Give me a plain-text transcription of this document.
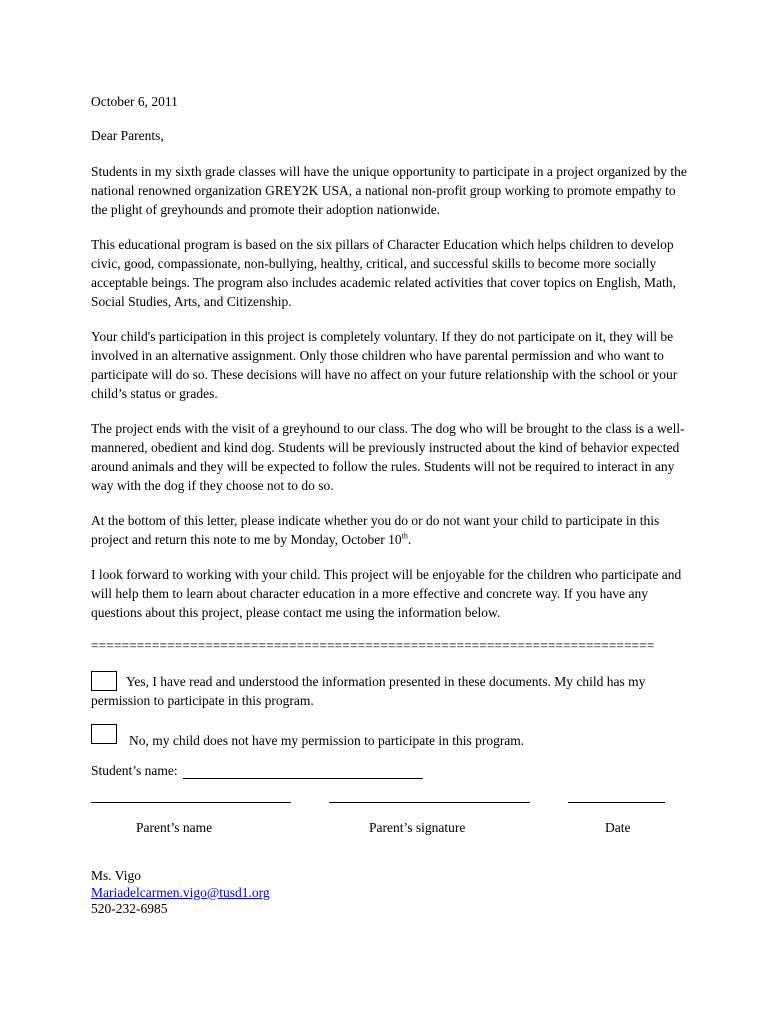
October 6, 2011

Dear Parents,

Students in my sixth grade classes will have the unique opportunity to participate in a project organized by the national renowned organization GREY2K USA, a national non-profit group working to promote empathy to the plight of greyhounds and promote their adoption nationwide.

This educational program is based on the six pillars of Character Education which helps children to develop civic, good, compassionate, non-bullying, healthy, critical, and successful skills to become more socially acceptable beings. The program also includes academic related activities that cover topics on English, Math, Social Studies, Arts, and Citizenship.

Your child's participation in this project is completely voluntary. If they do not participate on it, they will be involved in an alternative assignment. Only those children who have parental permission and who want to participate will do so. These decisions will have no affect on your future relationship with the school or your child’s status or grades.

The project ends with the visit of a greyhound to our class. The dog who will be brought to the class is a well-mannered, obedient and kind dog. Students will be previously instructed about the kind of behavior expected around animals and they will be expected to follow the rules. Students will not be required to interact in any way with the dog if they choose not to do so.

At the bottom of this letter, please indicate whether you do or do not want your child to participate in this project and return this note to me by Monday, October 10th.

I look forward to working with your child. This project will be enjoyable for the children who participate and will help them to learn about character education in a more effective and concrete way. If you have any questions about this project, please contact me using the information below.

==========================================================================

Yes, I have read and understood the information presented in these documents. My child has my

permission to participate in this program.

No, my child does not have my permission to participate in this program.

Student’s name:
Parent’s name	Parent’s signature	Date

Ms. Vigo

Mariadelcarmen.vigo@tusd1.org

520-232-6985
